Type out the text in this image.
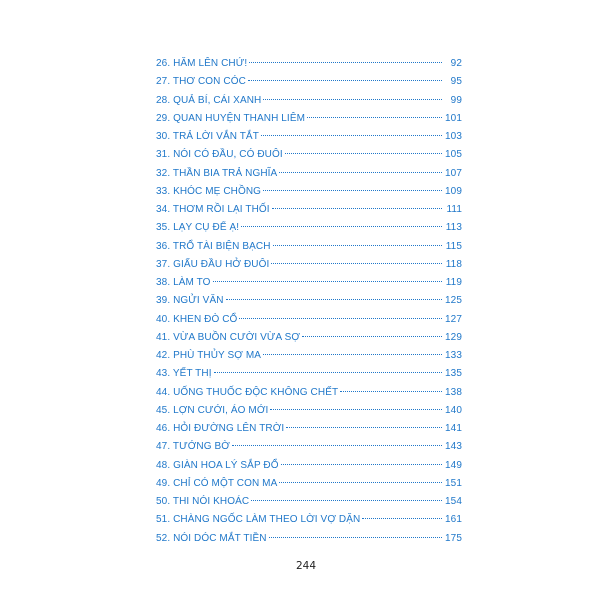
26. HĂM LÊN CHỨ!	92
27. THƠ CON CÓC	95
28. QUẢ BÍ, CÁI XANH	99
29. QUAN HUYỆN THANH LIÊM	101
30. TRẢ LỜI VẮN TẮT	103
31. NÓI CÓ ĐẦU, CÓ ĐUÔI	105
32. THẦN BIA TRẢ NGHĨA	107
33. KHÓC MẸ CHỒNG	109
34. THƠM RỒI LẠI THỐI	111
35. LẠY CỤ ĐỂ Ạ!	113
36. TRỔ TÀI BIỆN BẠCH	115
37. GIẤU ĐẦU HỞ ĐUÔI	118
38. LÀM TO	119
39. NGỬI VĂN	125
40. KHEN ĐÒ CỔ	127
41. VỪA BUỒN CƯỜI VỪA SỢ	129
42. PHÙ THỦY SỢ MA	133
43. YẾT THỊ	135
44. UỐNG THUỐC ĐỘC KHÔNG CHẾT	138
45. LỢN CƯỚI, ÁO MỚI	140
46. HỎI ĐƯỜNG LÊN TRỜI	141
47. TƯỚNG BỜ	143
48. GIÀN HOA LÝ SẮP ĐỔ	149
49. CHỈ CÓ MỘT CON MA	151
50. THI NÓI KHOÁC	154
51. CHÀNG NGỐC LÀM THEO LỜI VỢ DẶN	161
52. NÓI DÓC MẮT TIỀN	175
244
